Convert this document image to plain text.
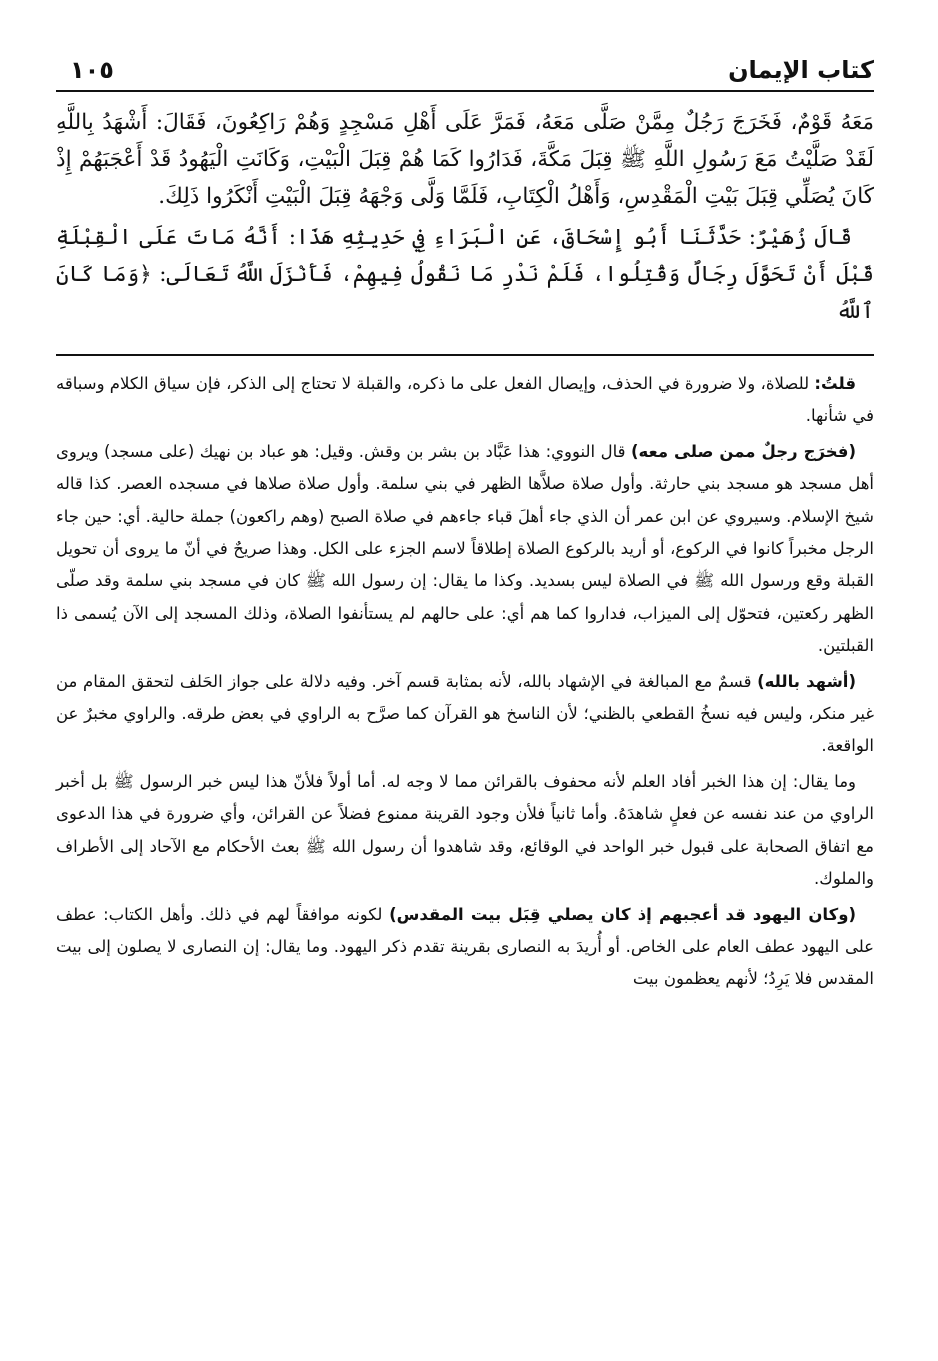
كتاب الإيمان
١٠٥

مَعَهُ قَوْمٌ، فَخَرَجَ رَجُلٌ مِمَّنْ صَلَّى مَعَهُ، فَمَرَّ عَلَى أَهْلِ مَسْجِدٍ وَهُمْ رَاكِعُونَ، فَقَالَ: أَشْهَدُ بِاللَّهِ لَقَدْ صَلَّيْتُ مَعَ رَسُولِ اللَّهِ ﷺ قِبَلَ مَكَّةَ، فَدَارُوا كَمَا هُمْ قِبَلَ الْبَيْتِ، وَكَانَتِ الْيَهُودُ قَدْ أَعْجَبَهُمْ إِذْ كَانَ يُصَلِّي قِبَلَ بَيْتِ الْمَقْدِسِ، وَأَهْلُ الْكِتَابِ، فَلَمَّا وَلَّى وَجْهَهُ قِبَلَ الْبَيْتِ أَنْكَرُوا ذَلِكَ.

قَالَ زُهَيْرٌ: حَدَّثَنَا أَبُو إِسْحَاقَ، عَنِ الْبَرَاءِ فِي حَدِيثِهِ هَذَا: أَنَّهُ مَاتَ عَلَى الْقِبْلَةِ قَبْلَ أَنْ تَحَوَّلَ رِجَالٌ وَقُتِلُوا، فَلَمْ نَدْرِ مَا نَقُولُ فِيهِمْ، فَأَنْزَلَ اللَّهُ تَعَالَى: ﴿وَمَا كَانَ ٱللَّهُ

قلتُ: للصلاة، ولا ضرورة في الحذف، وإيصال الفعل على ما ذكره، والقبلة لا تحتاج إلى الذكر، فإن سياق الكلام وسباقه في شأنها.

(فخرَج رجلٌ ممن صلى معه) قال النووي: هذا عَبَّاد بن بشر بن وقش. وقيل: هو عباد بن نهيك (على مسجد) ويروى أهل مسجد هو مسجد بني حارثة. وأول صلاة صلاَّها الظهر في بني سلمة. وأول صلاة صلاها في مسجده العصر. كذا قاله شيخ الإسلام. وسيروي عن ابن عمر أن الذي جاء أهلَ قباء جاءهم في صلاة الصبح (وهم راكعون) جملة حالية. أي: حين جاء الرجل مخبراً كانوا في الركوع، أو أريد بالركوع الصلاة إطلاقاً لاسم الجزء على الكل. وهذا صريحٌ في أنّ ما يروى أن تحويل القبلة وقع ورسول الله ﷺ في الصلاة ليس بسديد. وكذا ما يقال: إن رسول الله ﷺ كان في مسجد بني سلمة وقد صلّى الظهر ركعتين، فتحوّل إلى الميزاب، فداروا كما هم أي: على حالهم لم يستأنفوا الصلاة، وذلك المسجد إلى الآن يُسمى ذا القبلتين.

(أشهد بالله) قسمٌ مع المبالغة في الإشهاد بالله، لأنه بمثابة قسم آخر. وفيه دلالة على جواز الحَلف لتحقق المقام من غير منكر، وليس فيه نسخُ القطعي بالظني؛ لأن الناسخ هو القرآن كما صرَّح به الراوي في بعض طرقه. والراوي مخبرٌ عن الواقعة.

وما يقال: إن هذا الخبر أفاد العلم لأنه محفوف بالقرائن مما لا وجه له. أما أولاً فلأنّ هذا ليس خبر الرسول ﷺ بل أخبر الراوي من عند نفسه عن فعلٍ شاهدَهُ. وأما ثانياً فلأن وجود القرينة ممنوع فضلاً عن القرائن، وأي ضرورة في هذا الدعوى مع اتفاق الصحابة على قبول خبر الواحد في الوقائع، وقد شاهدوا أن رسول الله ﷺ بعث الأحكام مع الآحاد إلى الأطراف والملوك.

(وكان اليهود قد أعجبهم إذ كان يصلي قِبَل بيت المقدس) لكونه موافقاً لهم في ذلك. وأهل الكتاب: عطف على اليهود عطف العام على الخاص. أو أُريدَ به النصارى بقرينة تقدم ذكر اليهود. وما يقال: إن النصارى لا يصلون إلى بيت المقدس فلا يَرِدُ؛ لأنهم يعظمون بيت
